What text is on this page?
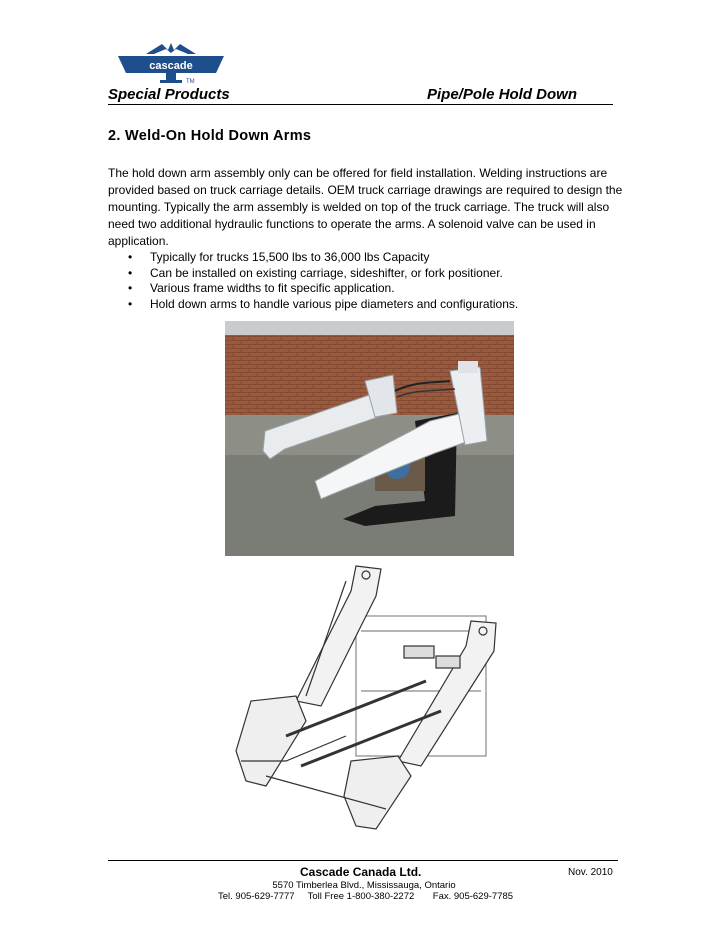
cascade
TM
Special Products	Pipe/Pole Hold Down
2. Weld-On Hold Down Arms
The hold down arm assembly only can be offered for field installation. Welding instructions are provided based on truck carriage details. OEM truck carriage drawings are required to design the mounting. Typically the arm assembly is welded on top of the truck carriage. The truck will also need two additional hydraulic functions to operate the arms. A solenoid valve can be used in application.
• Typically for trucks 15,500 lbs to 36,000 lbs Capacity
• Can be installed on existing carriage, sideshifter, or fork positioner.
• Various frame widths to fit specific application.
• Hold down arms to handle various pipe diameters and configurations.
Cascade Canada Ltd.	Nov. 2010
5570 Timberlea Blvd., Mississauga, Ontario
Tel. 905-629-7777     Toll Free 1-800-380-2272       Fax. 905-629-7785
